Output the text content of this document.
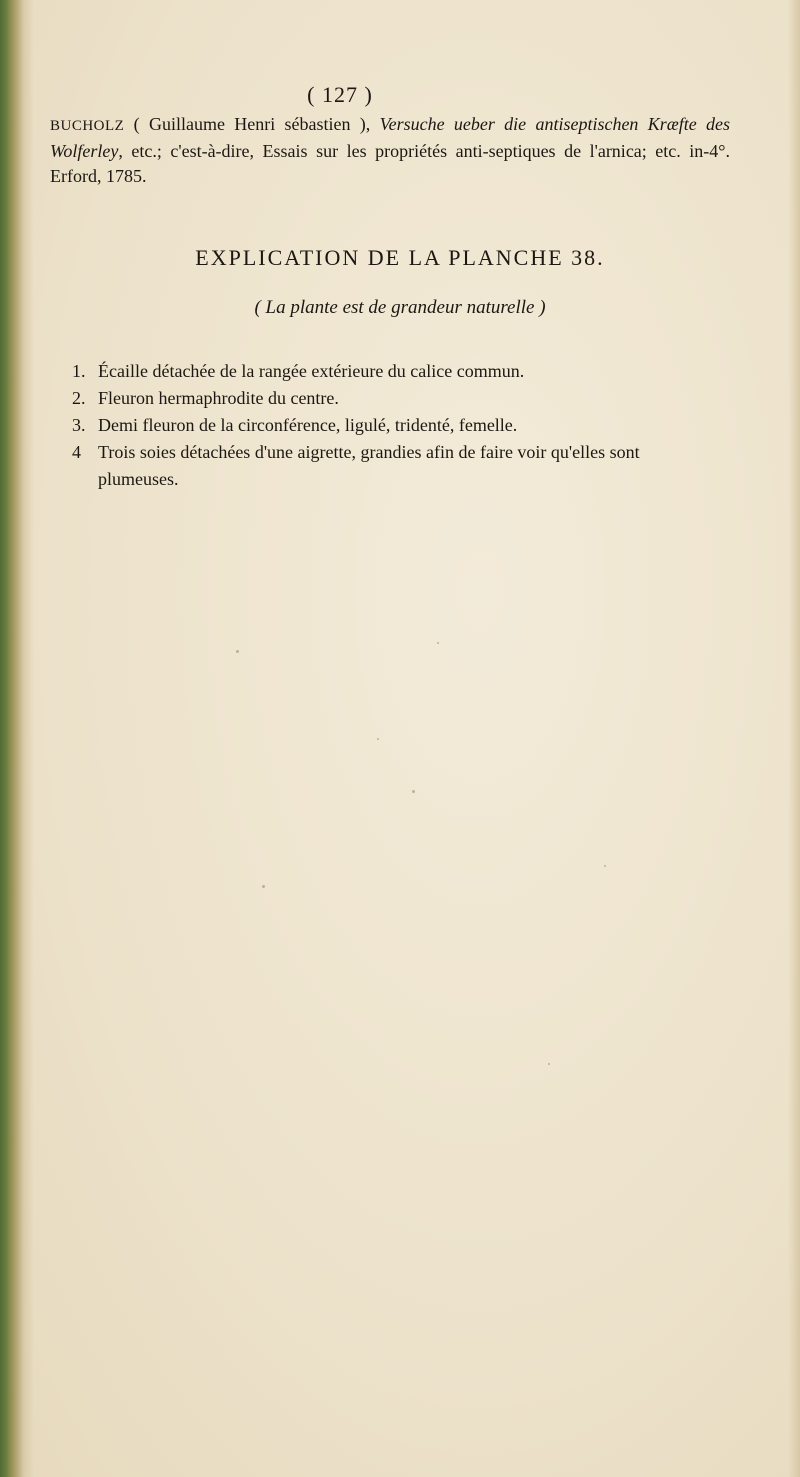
( 127 )
BUCHOLZ ( Guillaume Henri sébastien ), Versuche ueber die antiseptischen Kræfte des Wolferley, etc.; c'est-à-dire, Essais sur les propriétés anti-septiques de l'arnica; etc. in-4°. Erford, 1785.
EXPLICATION DE LA PLANCHE 38.
( La plante est de grandeur naturelle )
1. Écaille détachée de la rangée extérieure du calice commun.
2. Fleuron hermaphrodite du centre.
3. Demi fleuron de la circonférence, ligulé, tridenté, femelle.
4 Trois soies détachées d'une aigrette, grandies afin de faire voir qu'elles sont plumeuses.
